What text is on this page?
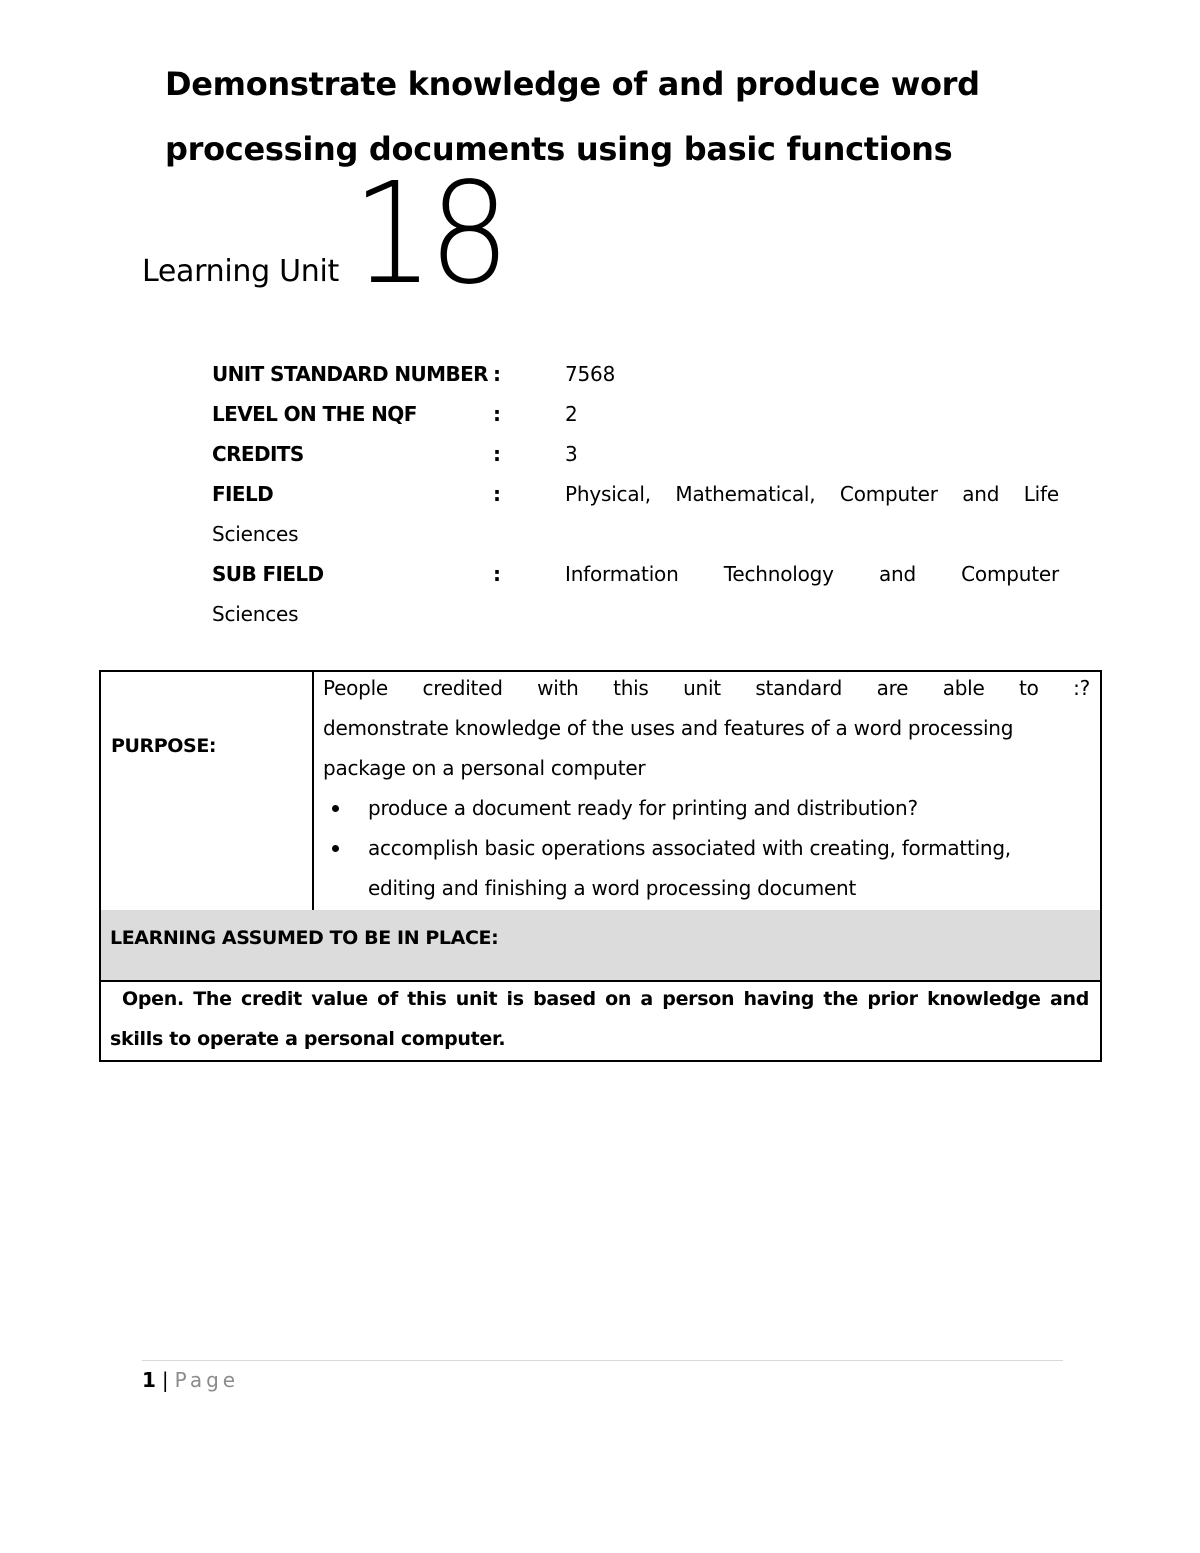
Demonstrate knowledge of and produce word
processing documents using basic functions
Learning Unit 18
UNIT STANDARD NUMBER :	7568
LEVEL ON THE NQF	:	2
CREDITS	:	3
FIELD	:	Physical, Mathematical, Computer and Life
Sciences
SUB FIELD	:	Information Technology and Computer
Sciences
PURPOSE:
People credited with this unit standard are able to :?
demonstrate knowledge of the uses and features of a word processing
package on a personal computer
produce a document ready for printing and distribution?
accomplish basic operations associated with creating, formatting,
editing and finishing a word processing document
LEARNING ASSUMED TO BE IN PLACE:
Open. The credit value of this unit is based on a person having the prior knowledge and
skills to operate a personal computer.
1 | Page
